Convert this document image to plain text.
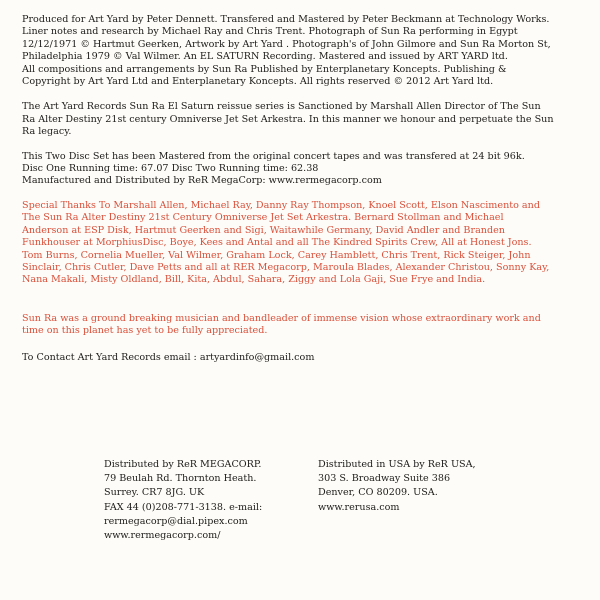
Produced for Art Yard by Peter Dennett. Transfered and Mastered by Peter Beckmann at Technology Works.
Liner notes and research by Michael Ray and Chris Trent. Photograph of Sun Ra performing in Egypt
12/12/1971 © Hartmut Geerken, Artwork by Art Yard . Photograph's of John Gilmore and Sun Ra Morton St,
Philadelphia 1979 © Val Wilmer. An EL SATURN Recording. Mastered and issued by ART YARD ltd.
All compositions and arrangements by Sun Ra Published by Enterplanetary Koncepts. Publishing &
Copyright by Art Yard Ltd and Enterplanetary Koncepts. All rights reserved © 2012 Art Yard ltd.

The Art Yard Records Sun Ra El Saturn reissue series is Sanctioned by Marshall Allen Director of The Sun
Ra Alter Destiny 21st century Omniverse Jet Set Arkestra. In this manner we honour and perpetuate the Sun
Ra legacy.

This Two Disc Set has been Mastered from the original concert tapes and was transfered at 24 bit 96k.
Disc One Running time: 67.07 Disc Two Running time: 62.38
Manufactured and Distributed by ReR MegaCorp: www.rermegacorp.com

Special Thanks To Marshall Allen, Michael Ray, Danny Ray Thompson, Knoel Scott, Elson Nascimento and
The Sun Ra Alter Destiny 21st Century Omniverse Jet Set Arkestra. Bernard Stollman and Michael
Anderson at ESP Disk, Hartmut Geerken and Sigi, Waitawhile Germany, David Andler and Branden
Funkhouser at MorphiusDisc, Boye, Kees and Antal and all The Kindred Spirits Crew, All at Honest Jons.
Tom Burns, Cornelia Mueller, Val Wilmer, Graham Lock, Carey Hamblett, Chris Trent, Rick Steiger, John
Sinclair, Chris Cutler, Dave Petts and all at RER Megacorp, Maroula Blades, Alexander Christou, Sonny Kay,
Nana Makali, Misty Oldland, Bill, Kita, Abdul, Sahara, Ziggy and Lola Gaji, Sue Frye and India.

Sun Ra was a ground breaking musician and bandleader of immense vision whose extraordinary work and
time on this planet has yet to be fully appreciated.

To Contact Art Yard Records email : artyardinfo@gmail.com

Distributed by ReR MEGACORP.
79 Beulah Rd. Thornton Heath.
Surrey. CR7 8JG. UK
FAX 44 (0)208-771-3138. e-mail:
rermegacorp@dial.pipex.com
www.rermegacorp.com/
Distributed in USA by ReR USA,
303 S. Broadway Suite 386
Denver, CO 80209. USA.
www.rerusa.com
